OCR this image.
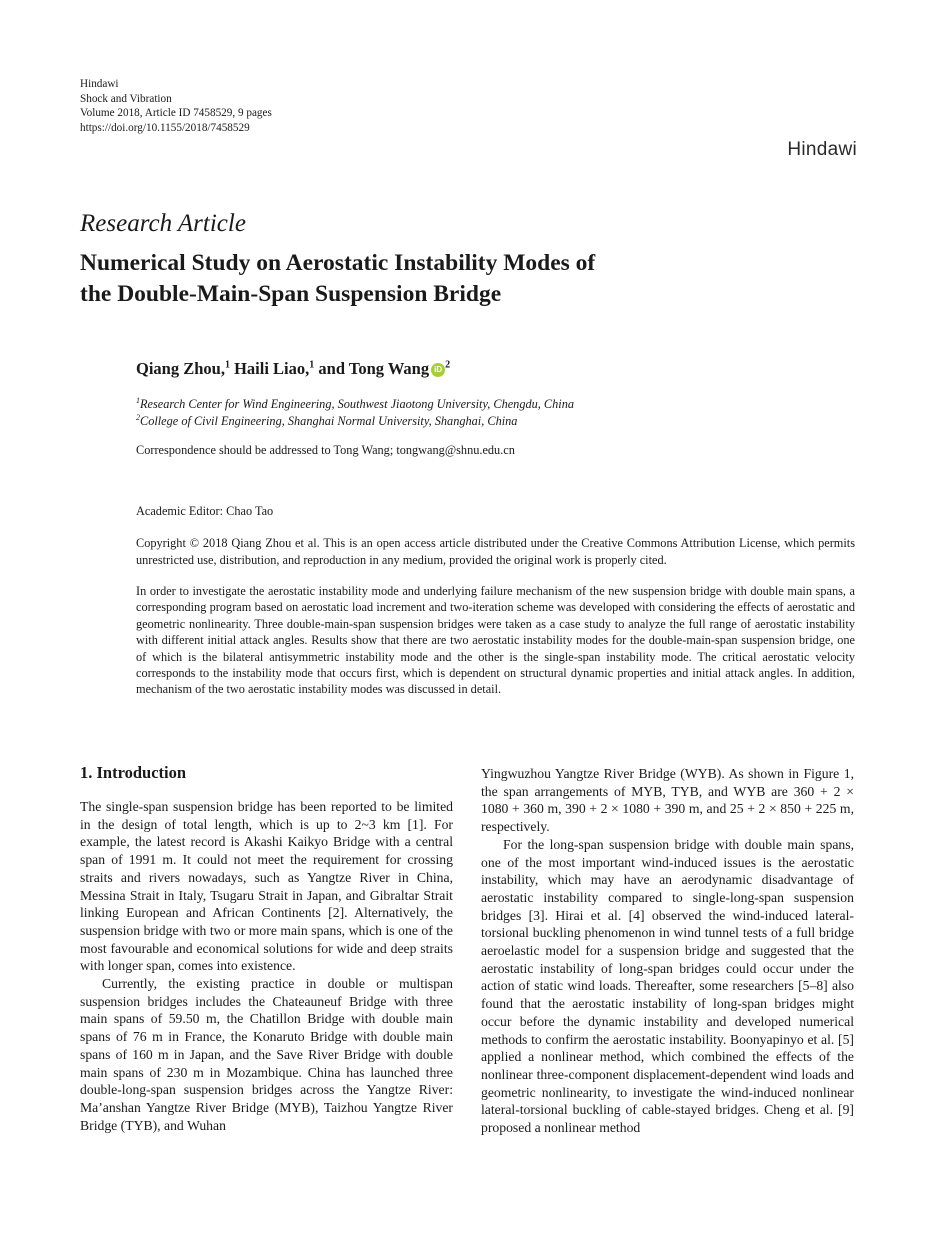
Hindawi
Shock and Vibration
Volume 2018, Article ID 7458529, 9 pages
https://doi.org/10.1155/2018/7458529
Hindawi
Research Article
Numerical Study on Aerostatic Instability Modes of
the Double-Main-Span Suspension Bridge
Qiang Zhou,$^1$ Haili Liao,$^1$ and Tong Wang iD $^2$
$^1$Research Center for Wind Engineering, Southwest Jiaotong University, Chengdu, China
$^2$College of Civil Engineering, Shanghai Normal University, Shanghai, China
Correspondence should be addressed to Tong Wang; tongwang@shnu.edu.cn
Academic Editor: Chao Tao
Copyright © 2018 Qiang Zhou et al. This is an open access article distributed under the Creative Commons Attribution License, which permits unrestricted use, distribution, and reproduction in any medium, provided the original work is properly cited.
In order to investigate the aerostatic instability mode and underlying failure mechanism of the new suspension bridge with double main spans, a corresponding program based on aerostatic load increment and two-iteration scheme was developed with considering the effects of aerostatic and geometric nonlinearity. Three double-main-span suspension bridges were taken as a case study to analyze the full range of aerostatic instability with different initial attack angles. Results show that there are two aerostatic instability modes for the double-main-span suspension bridge, one of which is the bilateral antisymmetric instability mode and the other is the single-span instability mode. The critical aerostatic velocity corresponds to the instability mode that occurs first, which is dependent on structural dynamic properties and initial attack angles. In addition, mechanism of the two aerostatic instability modes was discussed in detail.
1. Introduction

The single-span suspension bridge has been reported to be limited in the design of total length, which is up to 2~3 km [1]. For example, the latest record is Akashi Kaikyo Bridge with a central span of 1991 m. It could not meet the requirement for crossing straits and rivers nowadays, such as Yangtze River in China, Messina Strait in Italy, Tsugaru Strait in Japan, and Gibraltar Strait linking European and African Continents [2]. Alternatively, the suspension bridge with two or more main spans, which is one of the most favourable and economical solutions for wide and deep straits with longer span, comes into existence.

Currently, the existing practice in double or multispan suspension bridges includes the Chateauneuf Bridge with three main spans of 59.50 m, the Chatillon Bridge with double main spans of 76 m in France, the Konaruto Bridge with double main spans of 160 m in Japan, and the Save River Bridge with double main spans of 230 m in Mozambique. China has launched three double-long-span suspension bridges across the Yangtze River: Ma’anshan Yangtze River Bridge (MYB), Taizhou Yangtze River Bridge (TYB), and Wuhan

Yingwuzhou Yangtze River Bridge (WYB). As shown in Figure 1, the span arrangements of MYB, TYB, and WYB are 360 + 2 × 1080 + 360 m, 390 + 2 × 1080 + 390 m, and 25 + 2 × 850 + 225 m, respectively.

For the long-span suspension bridge with double main spans, one of the most important wind-induced issues is the aerostatic instability, which may have an aerodynamic disadvantage of aerostatic instability compared to single-long-span suspension bridges [3]. Hirai et al. [4] observed the wind-induced lateral-torsional buckling phenomenon in wind tunnel tests of a full bridge aeroelastic model for a suspension bridge and suggested that the aerostatic instability of long-span bridges could occur under the action of static wind loads. Thereafter, some researchers [5–8] also found that the aerostatic instability of long-span bridges might occur before the dynamic instability and developed numerical methods to confirm the aerostatic instability. Boonyapinyo et al. [5] applied a nonlinear method, which combined the effects of the nonlinear three-component displacement-dependent wind loads and geometric nonlinearity, to investigate the wind-induced nonlinear lateral-torsional buckling of cable-stayed bridges. Cheng et al. [9] proposed a nonlinear method
